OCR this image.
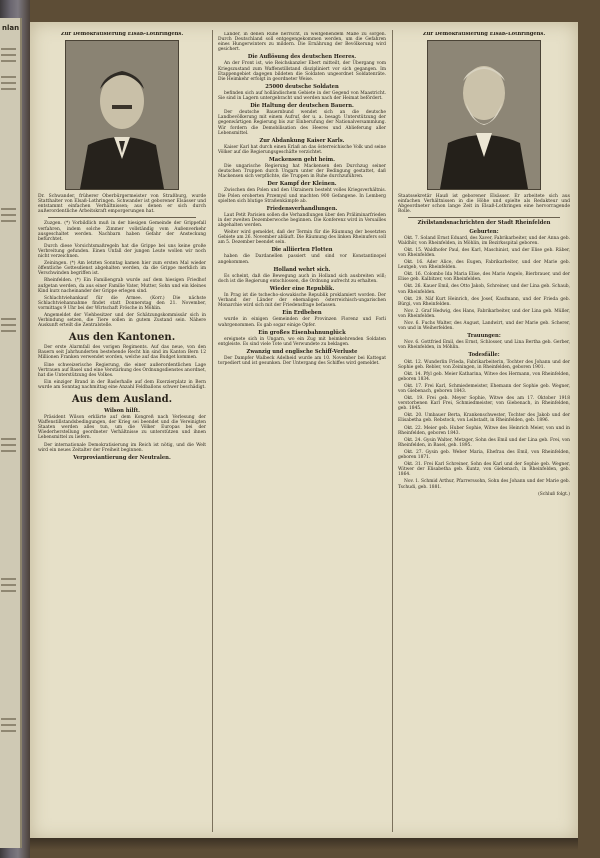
nlan
Zur Demokratisierung Elsaß-Lothringens.
Dr. Schwander, früherer Oberbürgermeister von Straßburg, wurde Statthalter von Elsaß-Lothringen. Schwander ist geborener Elsässer und entstammt einfachen Verhältnissen; aus denen er sich durch außerordentliche Arbeitskraft emporgerungen hat.
Zuzgen. (*) Vorbildlich muß in der hiesigen Gemeinde der Grippefall verfahren, indem solche Zimmer vollständig vom Außenverkehr ausgeschaltet werden. Nachbarn haben Gefahr der Ansteckung befürchtet.
Durch diese Vorsichtsmaßregeln hat die Grippe bei uns keine große Verbreitung gefunden. Einen Unfall der jungen Leute wollen wir noch nicht verzeichnen.
Zeiningen. (*) Am letzten Sonntag kamen hier zum ersten Mal wieder öffentliche Gottesdienst abgehalten werden, da die Grippe merklich im Verschwinden begriffen ist.
Rheinfelden. (*) Ein Familiengrab wurde auf dem hiesigen Friedhof aufgetan werden, da aus einer Familie Vater, Mutter, Sohn und ein kleines Kind kurz nacheinander der Grippe erlegen sind.
Schlachtviehankauf für die Armee. (Korr.) Die nächste Schlachtviehannahme findet statt Donnerstag den 21. November, vormittags 9 Uhr bei der Wirtschaft Frösche in Möhlin.
Angemeldet der Viehbesitzer und der Schätzungskommissär sich in Verbindung setzen, die Tiere sollen in gutem Zustand sein. Nähere Auskunft erteilt die Zentralstelle.
Aus den Kantonen.
Der erste Alarmfall des vorigen Regiments. Auf das neue, von den Bauern seit Jahrhunderten bestehende Recht hin sind im Kanton Bern 12 Millionen Franken verwendet worden, welche auf das Budget kommen.
Eine schweizerische Regierung, die einer außerordentlichen Lage Vertrauen auf Basel und eine Verstärkung des Ordnungsdienstes anordnet, hat die Unterstützung des Volkes.
Ein einziger Brand in der Baslerhalle auf dem Exerzierplatz in Bern wurde am Sonntag nachmittag eine Anzahl Feldballons schwer beschädigt.
Aus dem Ausland.
Wilson hilft.
Präsident Wilson erklärte auf dem Kongreß nach Verlesung der Waffenstillstandsbedingungen, der Krieg sei beendet und die Vereinigten Staaten werden alles tun, um die Völker Europas bei der Wiederherstellung geordneter Verhältnisse zu unterstützen und ihnen Lebensmittel zu liefern.
Der internationale Demokratisierung im Reich ist nötig, und die Welt wird ein neues Zeitalter der Freiheit beginnen.
Verproviantierung der Neutralen.
Länder, in denen Ruhe herrscht, in weitgehendem Maße zu sorgen. Durch Deutschland soll entgegengekommen werden, um die Gefahren eines Hungerwinters zu mildern. Die Ernährung der Bevölkerung wird gesichert.
Die Auflösung des deutschen Heeres.
An der Front ist, wie Reichskanzler Ebert mitteilt, der Übergang vom Kriegszustand zum Waffenstillstand diszipliniert vor sich gegangen. Im Etappengebiet dagegen bildeten die Soldaten ungeordnet Soldatenräte. Die Heimkehr erfolgt in geordneter Weise.
25000 deutsche Soldaten
befinden sich auf holländischem Gebiete in der Gegend von Maastricht. Sie sind in Lagern untergebracht und werden nach der Heimat befördert.
Die Haltung der deutschen Bauern.
Der deutsche Bauernbund wendet sich an die deutsche Landbevölkerung mit einem Aufruf, der u. a. besagt: Unterstützung der gegenwärtigen Regierung bis zur Einberufung der Nationalversammlung. Wir fordern die Demobilisation des Heeres und Ablieferung aller Lebensmittel.
Zur Abdankung Kaiser Karls.
Kaiser Karl hat durch einen Erlaß an das österreichische Volk und seine Völker auf die Regierungsgeschäfte verzichtet.
Mackensen geht heim.
Die ungarische Regierung hat Mackensen den Durchzug seiner deutschen Truppen durch Ungarn unter der Bedingung gestattet, daß Mackensen sich verpflichte, die Truppen in Ruhe durchzuführen.
Der Kampf der Kleinen.
Zwischen den Polen und den Ukrainern besteht volles Kriegsverhältnis. Die Polen eroberten Przemysl und machten 900 Gefangene. In Lemberg spielten sich blutige Straßenkämpfe ab.
Friedensverhandlungen.
Laut Petit Parisien sollen die Verhandlungen über den Präliminarfrieden in der zweiten Dezemberwoche beginnen. Die Konferenz wird in Versailles abgehalten werden.
Weiter wird gemeldet, daß der Termin für die Räumung der besetzten Gebiete am 26. November abläuft. Die Räumung des linken Rheinufers soll am 5. Dezember beendet sein.
Die alliierten Flotten
haben die Dardanellen passiert und sind vor Konstantinopel angekommen.
Holland wehrt sich.
Es scheint, daß die Bewegung auch in Holland sich ausbreiten will; doch ist die Regierung entschlossen, die Ordnung aufrecht zu erhalten.
Wieder eine Republik.
In Prag ist die tschecho-slowakische Republik proklamiert worden. Der Verband der Länder der ehemaligen österreichisch-ungarischen Monarchie wird sich mit der Friedensfrage befassen.
Ein Erdbeben
wurde in einigen Gemeinden der Provinzen Florenz und Forli wahrgenommen. Es gab sogar einige Opfer.
Ein großes Eisenbahnunglück
ereignete sich in Ungarn, wo ein Zug mit heimkehrenden Soldaten entgleiste. Es sind viele Tote und Verwundete zu beklagen.
Zwanzig und englische Schiff-Verluste
Der Dampfer Walbeck Adelheid wurde am 10. November bei Kattegat torpediert und ist gesunken. Der Untergang des Schiffes wird gemeldet.
Zur Demokratisierung Elsaß-Lothringens.
Staatssekretär Hauß ist geborener Elsässer. Er arbeitete sich aus einfachen Verhältnissen in die Höhe und spielte als Redakteur und Abgeordneter schon lange Zeit in Elsaß-Lothringen eine hervorragende Rolle.
Zivilstandsnachrichten der Stadt Rheinfelden
Geburten:
Okt. 7. Soland Ernst Eduard, des Xaver, Fabrikarbeiter, und der Anna geb. Waldhör, von Rheinfelden, in Möhlin, im Bezirksspital geboren.
Okt. 15. Waldhofer Paul, des Karl, Maschinist, und der Elise geb. Räber, von Rheinfelden.
Okt. 16. Ader Alice, des Eugen, Fabrikarbeiter, und der Marie geb. Leutgeb, von Rheinfelden.
Okt. 16. Colombo Ida Maria Elise, des Mario Angelo, Bierbrauer, und der Elise geb. Kalbitzer, von Rheinfelden.
Okt. 26. Kauer Emil, des Otto Jakob, Schreiner, und der Lina geb. Schaub, von Rheinfelden.
Okt. 29. Näf Kurt Heinrich, des Josef, Kaufmann, und der Frieda geb. Bürgi, von Rheinfelden.
Nov. 2. Graf Hedwig, des Hans, Fabrikarbeiter, und der Lina geb. Müller, von Rheinfelden.
Nov. 6. Fuchs Walter, des August, Landwirt, und der Marie geb. Scherer, von und in Weiherfelden.
Trauungen:
Nov. 6. Gottfried Emil, des Ernst, Schlosser, und Lina Bertha geb. Gerber, von Rheinfelden, in Möhlin.
Todesfälle:
Okt. 12. Wunderlin Frieda, Fabrikarbeiterin, Tochter des Johann und der Sophie geb. Rebler, von Zeiningen, in Rheinfelden, geboren 1901.
Okt. 14. Pfyl geb. Meier Katharina, Witwe des Hermann, von Rheinfelden, geboren 1834.
Okt. 17. Frei Karl, Schmiedemeister, Ehemann der Sophie geb. Wegner, von Giebenach, geboren 1843.
Okt. 19. Frei geb. Meyer Sophie, Witwe des am 17. Oktober 1918 verstorbenen Karl Frei, Schmiedmeister, von Giebenach, in Rheinfelden, geb. 1845.
Okt. 20. Umbauer Berta, Krankenschwester, Tochter des Jakob und der Elisabetha geb. Rebstock, von Leibstadt, in Rheinfelden, geb. 1896.
Okt. 22. Meier geb. Huber Sophie, Witwe des Heinrich Meier, von und in Rheinfelden, geboren 1843.
Okt. 24. Gysin Walter, Metzger, Sohn des Emil und der Lina geb. Frei, von Rheinfelden, in Basel, geb. 1895.
Okt. 27. Gysin geb. Weber Maria, Ehefrau des Emil, von Rheinfelden, geboren 1871.
Okt. 31. Frei Karl Schreiner, Sohn des Karl und der Sophie geb. Wegner, Witwer der Elisabetha geb. Kuntz, von Giebenach, in Rheinfelden, geb. 1864.
Nov. 1. Schmid Arthur, Pfarrerssohn, Sohn des Johann und der Marie geb. Tschudi, geb. 1881.
(Schluß folgt.)
